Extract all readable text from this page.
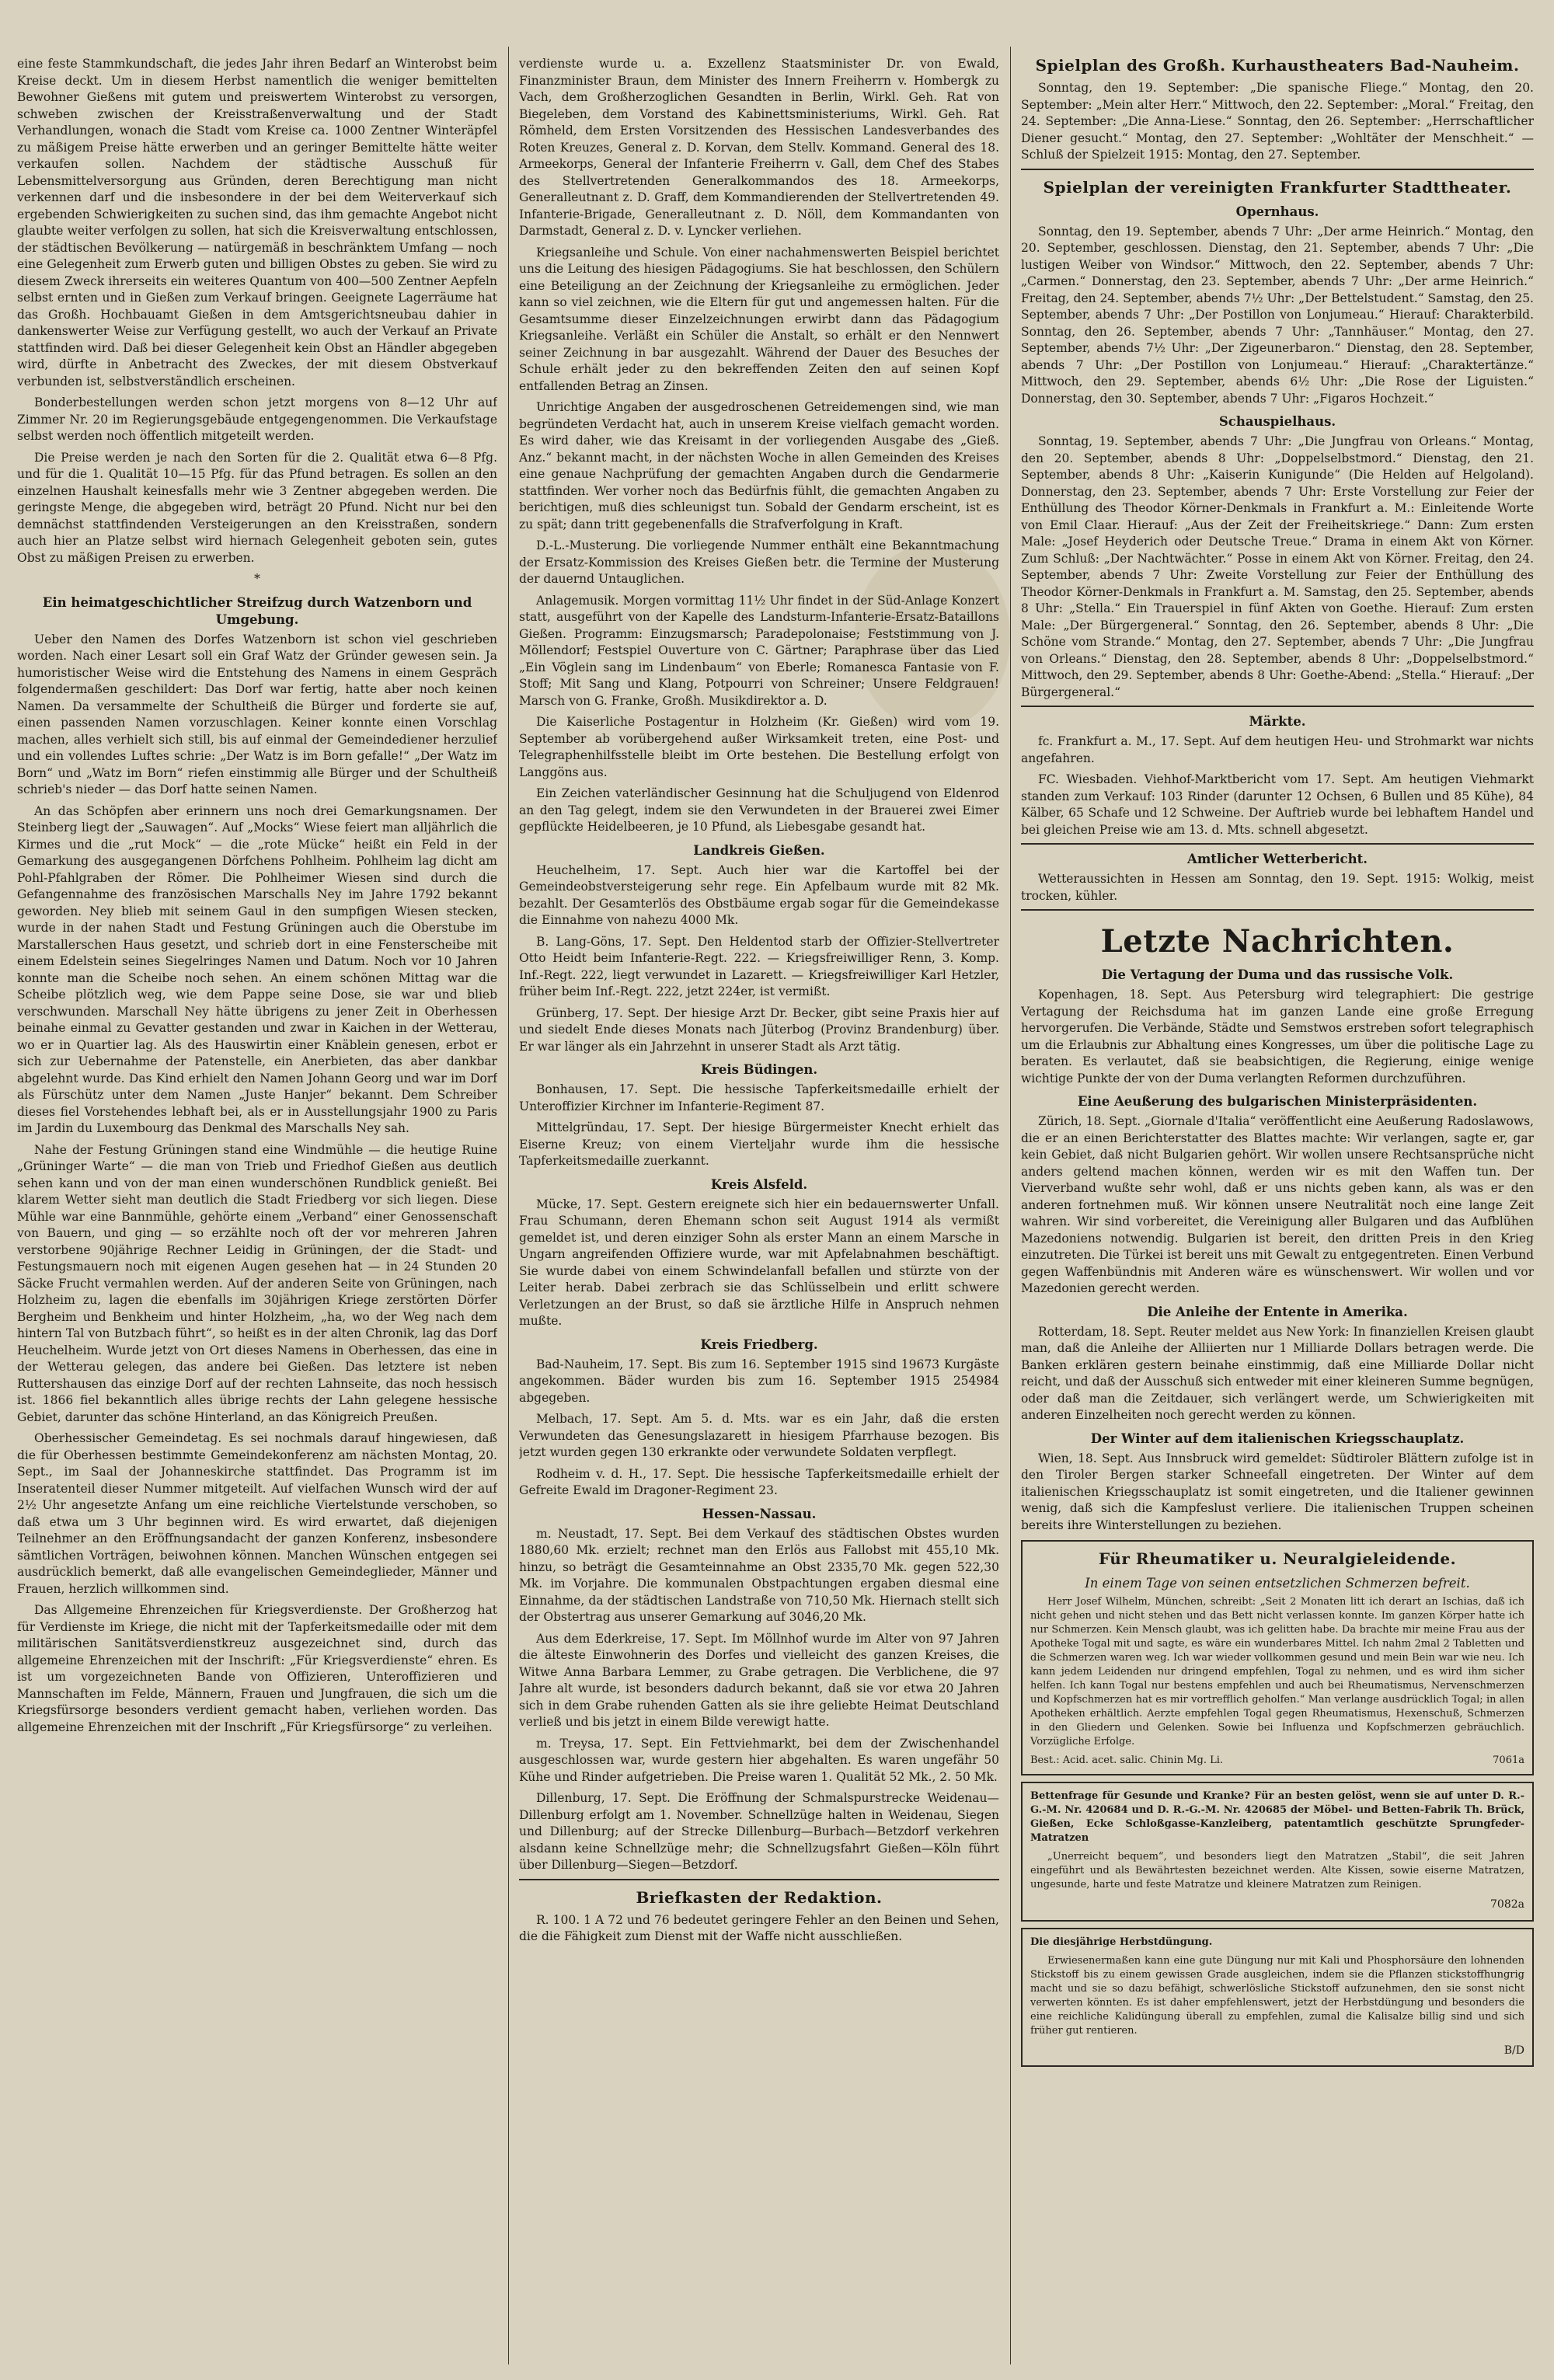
eine feste Stammkundschaft, die jedes Jahr ihren Bedarf an Winterobst beim Kreise deckt. Um in diesem Herbst namentlich die weniger bemittelten Bewohner Gießens mit gutem und preiswertem Winterobst zu versorgen, schweben zwischen der Kreisstraßenverwaltung und der Stadt Verhandlungen, wonach die Stadt vom Kreise ca. 1000 Zentner Winteräpfel zu mäßigem Preise hätte erwerben und an geringer Bemittelte hätte weiter verkaufen sollen. Nachdem der städtische Ausschuß für Lebensmittelversorgung aus Gründen, deren Berechtigung man nicht verkennen darf und die insbesondere in der bei dem Weiterverkauf sich ergebenden Schwierigkeiten zu suchen sind, das ihm gemachte Angebot nicht glaubte weiter verfolgen zu sollen, hat sich die Kreisverwaltung entschlossen, der städtischen Bevölkerung — natürgemäß in beschränktem Umfang — noch eine Gelegenheit zum Erwerb guten und billigen Obstes zu geben. Sie wird zu diesem Zweck ihrerseits ein weiteres Quantum von 400—500 Zentner Aepfeln selbst ernten und in Gießen zum Verkauf bringen. Geeignete Lagerräume hat das Großh. Hochbauamt Gießen in dem Amtsgerichtsneubau dahier in dankenswerter Weise zur Verfügung gestellt, wo auch der Verkauf an Private stattfinden wird. Daß bei dieser Gelegenheit kein Obst an Händler abgegeben wird, dürfte in Anbetracht des Zweckes, der mit diesem Obstverkauf verbunden ist, selbstverständlich erscheinen.

Bonderbestellungen werden schon jetzt morgens von 8—12 Uhr auf Zimmer Nr. 20 im Regierungsgebäude entgegengenommen. Die Verkaufstage selbst werden noch öffentlich mitgeteilt werden.

Die Preise werden je nach den Sorten für die 2. Qualität etwa 6—8 Pfg. und für die 1. Qualität 10—15 Pfg. für das Pfund betragen. Es sollen an den einzelnen Haushalt keinesfalls mehr wie 3 Zentner abgegeben werden. Die geringste Menge, die abgegeben wird, beträgt 20 Pfund. Nicht nur bei den demnächst stattfindenden Versteigerungen an den Kreisstraßen, sondern auch hier an Platze selbst wird hiernach Gelegenheit geboten sein, gutes Obst zu mäßigen Preisen zu erwerben.

*
Ein heimatgeschichtlicher Streifzug durch Watzenborn und Umgebung.

Ueber den Namen des Dorfes Watzenborn ist schon viel geschrieben worden. Nach einer Lesart soll ein Graf Watz der Gründer gewesen sein. Ja humoristischer Weise wird die Entstehung des Namens in einem Gespräch folgendermaßen geschildert: Das Dorf war fertig, hatte aber noch keinen Namen. Da versammelte der Schultheiß die Bürger und forderte sie auf, einen passenden Namen vorzuschlagen. Keiner konnte einen Vorschlag machen, alles verhielt sich still, bis auf einmal der Gemeindediener herzulief und ein vollendes Luftes schrie: „Der Watz is im Born gefalle!“ „Der Watz im Born“ und „Watz im Born“ riefen einstimmig alle Bürger und der Schultheiß schrieb's nieder — das Dorf hatte seinen Namen.

An das Schöpfen aber erinnern uns noch drei Gemarkungsnamen. Der Steinberg liegt der „Sauwagen“. Auf „Mocks“ Wiese feiert man alljährlich die Kirmes und die „rut Mock“ — die „rote Mücke“ heißt ein Feld in der Gemarkung des ausgegangenen Dörfchens Pohlheim. Pohlheim lag dicht am Pohl-Pfahlgraben der Römer. Die Pohlheimer Wiesen sind durch die Gefangennahme des französischen Marschalls Ney im Jahre 1792 bekannt geworden. Ney blieb mit seinem Gaul in den sumpfigen Wiesen stecken, wurde in der nahen Stadt und Festung Grüningen auch die Oberstube im Marstallerschen Haus gesetzt, und schrieb dort in eine Fensterscheibe mit einem Edelstein seines Siegelringes Namen und Datum. Noch vor 10 Jahren konnte man die Scheibe noch sehen. An einem schönen Mittag war die Scheibe plötzlich weg, wie dem Pappe seine Dose, sie war und blieb verschwunden. Marschall Ney hätte übrigens zu jener Zeit in Oberhessen beinahe einmal zu Gevatter gestanden und zwar in Kaichen in der Wetterau, wo er in Quartier lag. Als des Hauswirtin einer Knäblein genesen, erbot er sich zur Uebernahme der Patenstelle, ein Anerbieten, das aber dankbar abgelehnt wurde. Das Kind erhielt den Namen Johann Georg und war im Dorf als Fürschütz unter dem Namen „Juste Hanjer“ bekannt. Dem Schreiber dieses fiel Vorstehendes lebhaft bei, als er in Ausstellungsjahr 1900 zu Paris im Jardin du Luxembourg das Denkmal des Marschalls Ney sah.

Nahe der Festung Grüningen stand eine Windmühle — die heutige Ruine „Grüninger Warte“ — die man von Trieb und Friedhof Gießen aus deutlich sehen kann und von der man einen wunderschönen Rundblick genießt. Bei klarem Wetter sieht man deutlich die Stadt Friedberg vor sich liegen. Diese Mühle war eine Bannmühle, gehörte einem „Verband“ einer Genossenschaft von Bauern, und ging — so erzählte noch oft der vor mehreren Jahren verstorbene 90jährige Rechner Leidig in Grüningen, der die Stadt- und Festungsmauern noch mit eigenen Augen gesehen hat — in 24 Stunden 20 Säcke Frucht vermahlen werden. Auf der anderen Seite von Grüningen, nach Holzheim zu, lagen die ebenfalls im 30jährigen Kriege zerstörten Dörfer Bergheim und Benkheim und hinter Holzheim, „ha, wo der Weg nach dem hintern Tal von Butzbach führt“, so heißt es in der alten Chronik, lag das Dorf Heuchelheim. Wurde jetzt von Ort dieses Namens in Oberhessen, das eine in der Wetterau gelegen, das andere bei Gießen. Das letztere ist neben Ruttershausen das einzige Dorf auf der rechten Lahnseite, das noch hessisch ist. 1866 fiel bekanntlich alles übrige rechts der Lahn gelegene hessische Gebiet, darunter das schöne Hinterland, an das Königreich Preußen.

Oberhessischer Gemeindetag. Es sei nochmals darauf hingewiesen, daß die für Oberhessen bestimmte Gemeindekonferenz am nächsten Montag, 20. Sept., im Saal der Johanneskirche stattfindet. Das Programm ist im Inseratenteil dieser Nummer mitgeteilt. Auf vielfachen Wunsch wird der auf 2½ Uhr angesetzte Anfang um eine reichliche Viertelstunde verschoben, so daß etwa um 3 Uhr beginnen wird. Es wird erwartet, daß diejenigen Teilnehmer an den Eröffnungsandacht der ganzen Konferenz, insbesondere sämtlichen Vorträgen, beiwohnen können. Manchen Wünschen entgegen sei ausdrücklich bemerkt, daß alle evangelischen Gemeindeglieder, Männer und Frauen, herzlich willkommen sind.

Das Allgemeine Ehrenzeichen für Kriegsverdienste. Der Großherzog hat für Verdienste im Kriege, die nicht mit der Tapferkeitsmedaille oder mit dem militärischen Sanitätsverdienstkreuz ausgezeichnet sind, durch das allgemeine Ehrenzeichen mit der Inschrift: „Für Kriegsverdienste“ ehren. Es ist um vorgezeichneten Bande von Offizieren, Unteroffizieren und Mannschaften im Felde, Männern, Frauen und Jungfrauen, die sich um die Kriegsfürsorge besonders verdient gemacht haben, verliehen worden. Das allgemeine Ehrenzeichen mit der Inschrift „Für Kriegsfürsorge“ zu verleihen.

verdienste wurde u. a. Exzellenz Staatsminister Dr. von Ewald, Finanzminister Braun, dem Minister des Innern Freiherrn v. Hombergk zu Vach, dem Großherzoglichen Gesandten in Berlin, Wirkl. Geh. Rat von Biegeleben, dem Vorstand des Kabinettsministeriums, Wirkl. Geh. Rat Römheld, dem Ersten Vorsitzenden des Hessischen Landesverbandes des Roten Kreuzes, General z. D. Korvan, dem Stellv. Kommand. General des 18. Armeekorps, General der Infanterie Freiherrn v. Gall, dem Chef des Stabes des Stellvertretenden Generalkommandos des 18. Armeekorps, Generalleutnant z. D. Graff, dem Kommandierenden der Stellvertretenden 49. Infanterie-Brigade, Generalleutnant z. D. Nöll, dem Kommandanten von Darmstadt, General z. D. v. Lyncker verliehen.

Kriegsanleihe und Schule. Von einer nachahmenswerten Beispiel berichtet uns die Leitung des hiesigen Pädagogiums. Sie hat beschlossen, den Schülern eine Beteiligung an der Zeichnung der Kriegsanleihe zu ermöglichen. Jeder kann so viel zeichnen, wie die Eltern für gut und angemessen halten. Für die Gesamtsumme dieser Einzelzeichnungen erwirbt dann das Pädagogium Kriegsanleihe. Verläßt ein Schüler die Anstalt, so erhält er den Nennwert seiner Zeichnung in bar ausgezahlt. Während der Dauer des Besuches der Schule erhält jeder zu den bekreffenden Zeiten den auf seinen Kopf entfallenden Betrag an Zinsen.

Unrichtige Angaben der ausgedroschenen Getreidemengen sind, wie man begründeten Verdacht hat, auch in unserem Kreise vielfach gemacht worden. Es wird daher, wie das Kreisamt in der vorliegenden Ausgabe des „Gieß. Anz.“ bekannt macht, in der nächsten Woche in allen Gemeinden des Kreises eine genaue Nachprüfung der gemachten Angaben durch die Gendarmerie stattfinden. Wer vorher noch das Bedürfnis fühlt, die gemachten Angaben zu berichtigen, muß dies schleunigst tun. Sobald der Gendarm erscheint, ist es zu spät; dann tritt gegebenenfalls die Strafverfolgung in Kraft.

D.-L.-Musterung. Die vorliegende Nummer enthält eine Bekanntmachung der Ersatz-Kommission des Kreises Gießen betr. die Termine der Musterung der dauernd Untauglichen.

Anlagemusik. Morgen vormittag 11½ Uhr findet in der Süd-Anlage Konzert statt, ausgeführt von der Kapelle des Landsturm-Infanterie-Ersatz-Bataillons Gießen. Programm: Einzugsmarsch; Paradepolonaise; Feststimmung von J. Möllendorf; Festspiel Ouverture von C. Gärtner; Paraphrase über das Lied „Ein Vöglein sang im Lindenbaum“ von Eberle; Romanesca Fantasie von F. Stoff; Mit Sang und Klang, Potpourri von Schreiner; Unsere Feldgrauen! Marsch von G. Franke, Großh. Musikdirektor a. D.

Die Kaiserliche Postagentur in Holzheim (Kr. Gießen) wird vom 19. September ab vorübergehend außer Wirksamkeit treten, eine Post- und Telegraphenhilfsstelle bleibt im Orte bestehen. Die Bestellung erfolgt von Langgöns aus.

Ein Zeichen vaterländischer Gesinnung hat die Schuljugend von Eldenrod an den Tag gelegt, indem sie den Verwundeten in der Brauerei zwei Eimer gepflückte Heidelbeeren, je 10 Pfund, als Liebesgabe gesandt hat.

Landkreis Gießen.

Heuchelheim, 17. Sept. Auch hier war die Kartoffel bei der Gemeindeobstversteigerung sehr rege. Ein Apfelbaum wurde mit 82 Mk. bezahlt. Der Gesamterlös des Obstbäume ergab sogar für die Gemeindekasse die Einnahme von nahezu 4000 Mk.

B. Lang-Göns, 17. Sept. Den Heldentod starb der Offizier-Stellvertreter Otto Heidt beim Infanterie-Regt. 222. — Kriegsfreiwilliger Renn, 3. Komp. Inf.-Regt. 222, liegt verwundet in Lazarett. — Kriegsfreiwilliger Karl Hetzler, früher beim Inf.-Regt. 222, jetzt 224er, ist vermißt.

Grünberg, 17. Sept. Der hiesige Arzt Dr. Becker, gibt seine Praxis hier auf und siedelt Ende dieses Monats nach Jüterbog (Provinz Brandenburg) über. Er war länger als ein Jahrzehnt in unserer Stadt als Arzt tätig.

Kreis Büdingen.

Bonhausen, 17. Sept. Die hessische Tapferkeitsmedaille erhielt der Unteroffizier Kirchner im Infanterie-Regiment 87.

Mittelgründau, 17. Sept. Der hiesige Bürgermeister Knecht erhielt das Eiserne Kreuz; von einem Vierteljahr wurde ihm die hessische Tapferkeitsmedaille zuerkannt.

Kreis Alsfeld.

Mücke, 17. Sept. Gestern ereignete sich hier ein bedauernswerter Unfall. Frau Schumann, deren Ehemann schon seit August 1914 als vermißt gemeldet ist, und deren einziger Sohn als erster Mann an einem Marsche in Ungarn angreifenden Offiziere wurde, war mit Apfelabnahmen beschäftigt. Sie wurde dabei von einem Schwindelanfall befallen und stürzte von der Leiter herab. Dabei zerbrach sie das Schlüsselbein und erlitt schwere Verletzungen an der Brust, so daß sie ärztliche Hilfe in Anspruch nehmen mußte.

Kreis Friedberg.

Bad-Nauheim, 17. Sept. Bis zum 16. September 1915 sind 19673 Kurgäste angekommen. Bäder wurden bis zum 16. September 1915 254984 abgegeben.

Melbach, 17. Sept. Am 5. d. Mts. war es ein Jahr, daß die ersten Verwundeten das Genesungslazarett in hiesigem Pfarrhause bezogen. Bis jetzt wurden gegen 130 erkrankte oder verwundete Soldaten verpflegt.

Rodheim v. d. H., 17. Sept. Die hessische Tapferkeitsmedaille erhielt der Gefreite Ewald im Dragoner-Regiment 23.

Hessen-Nassau.

m. Neustadt, 17. Sept. Bei dem Verkauf des städtischen Obstes wurden 1880,60 Mk. erzielt; rechnet man den Erlös aus Fallobst mit 455,10 Mk. hinzu, so beträgt die Gesamteinnahme an Obst 2335,70 Mk. gegen 522,30 Mk. im Vorjahre. Die kommunalen Obstpachtungen ergaben diesmal eine Einnahme, da der städtischen Landstraße von 710,50 Mk. Hiernach stellt sich der Obstertrag aus unserer Gemarkung auf 3046,20 Mk.

Aus dem Ederkreise, 17. Sept. Im Möllnhof wurde im Alter von 97 Jahren die älteste Einwohnerin des Dorfes und vielleicht des ganzen Kreises, die Witwe Anna Barbara Lemmer, zu Grabe getragen. Die Verblichene, die 97 Jahre alt wurde, ist besonders dadurch bekannt, daß sie vor etwa 20 Jahren sich in dem Grabe ruhenden Gatten als sie ihre geliebte Heimat Deutschland verließ und bis jetzt in einem Bilde verewigt hatte.

m. Treysa, 17. Sept. Ein Fettviehmarkt, bei dem der Zwischenhandel ausgeschlossen war, wurde gestern hier abgehalten. Es waren ungefähr 50 Kühe und Rinder aufgetrieben. Die Preise waren 1. Qualität 52 Mk., 2. 50 Mk.

Dillenburg, 17. Sept. Die Eröffnung der Schmalspurstrecke Weidenau—Dillenburg erfolgt am 1. November. Schnellzüge halten in Weidenau, Siegen und Dillenburg; auf der Strecke Dillenburg—Burbach—Betzdorf verkehren alsdann keine Schnellzüge mehr; die Schnellzugsfahrt Gießen—Köln führt über Dillenburg—Siegen—Betzdorf.

Briefkasten der Redaktion.

R. 100. 1 A 72 und 76 bedeutet geringere Fehler an den Beinen und Sehen, die die Fähigkeit zum Dienst mit der Waffe nicht ausschließen.

Spielplan des Großh. Kurhaustheaters Bad-Nauheim.

Sonntag, den 19. September: „Die spanische Fliege.“ Montag, den 20. September: „Mein alter Herr.“ Mittwoch, den 22. September: „Moral.“ Freitag, den 24. September: „Die Anna-Liese.“ Sonntag, den 26. September: „Herrschaftlicher Diener gesucht.“ Montag, den 27. September: „Wohltäter der Menschheit.“ — Schluß der Spielzeit 1915: Montag, den 27. September.

Spielplan der vereinigten Frankfurter Stadttheater.
Opernhaus.

Sonntag, den 19. September, abends 7 Uhr: „Der arme Heinrich.“ Montag, den 20. September, geschlossen. Dienstag, den 21. September, abends 7 Uhr: „Die lustigen Weiber von Windsor.“ Mittwoch, den 22. September, abends 7 Uhr: „Carmen.“ Donnerstag, den 23. September, abends 7 Uhr: „Der arme Heinrich.“ Freitag, den 24. September, abends 7½ Uhr: „Der Bettelstudent.“ Samstag, den 25. September, abends 7 Uhr: „Der Postillon von Lonjumeau.“ Hierauf: Charakterbild. Sonntag, den 26. September, abends 7 Uhr: „Tannhäuser.“ Montag, den 27. September, abends 7½ Uhr: „Der Zigeunerbaron.“ Dienstag, den 28. September, abends 7 Uhr: „Der Postillon von Lonjumeau.“ Hierauf: „Charaktertänze.“ Mittwoch, den 29. September, abends 6½ Uhr: „Die Rose der Liguisten.“ Donnerstag, den 30. September, abends 7 Uhr: „Figaros Hochzeit.“

Schauspielhaus.

Sonntag, 19. September, abends 7 Uhr: „Die Jungfrau von Orleans.“ Montag, den 20. September, abends 8 Uhr: „Doppelselbstmord.“ Dienstag, den 21. September, abends 8 Uhr: „Kaiserin Kunigunde“ (Die Helden auf Helgoland). Donnerstag, den 23. September, abends 7 Uhr: Erste Vorstellung zur Feier der Enthüllung des Theodor Körner-Denkmals in Frankfurt a. M.: Einleitende Worte von Emil Claar. Hierauf: „Aus der Zeit der Freiheitskriege.“ Dann: Zum ersten Male: „Josef Heyderich oder Deutsche Treue.“ Drama in einem Akt von Körner. Zum Schluß: „Der Nachtwächter.“ Posse in einem Akt von Körner. Freitag, den 24. September, abends 7 Uhr: Zweite Vorstellung zur Feier der Enthüllung des Theodor Körner-Denkmals in Frankfurt a. M. Samstag, den 25. September, abends 8 Uhr: „Stella.“ Ein Trauerspiel in fünf Akten von Goethe. Hierauf: Zum ersten Male: „Der Bürgergeneral.“ Sonntag, den 26. September, abends 8 Uhr: „Die Schöne vom Strande.“ Montag, den 27. September, abends 7 Uhr: „Die Jungfrau von Orleans.“ Dienstag, den 28. September, abends 8 Uhr: „Doppelselbstmord.“ Mittwoch, den 29. September, abends 8 Uhr: Goethe-Abend: „Stella.“ Hierauf: „Der Bürgergeneral.“

Märkte.

fc. Frankfurt a. M., 17. Sept. Auf dem heutigen Heu- und Strohmarkt war nichts angefahren.

FC. Wiesbaden. Viehhof-Marktbericht vom 17. Sept. Am heutigen Viehmarkt standen zum Verkauf: 103 Rinder (darunter 12 Ochsen, 6 Bullen und 85 Kühe), 84 Kälber, 65 Schafe und 12 Schweine. Der Auftrieb wurde bei lebhaftem Handel und bei gleichen Preise wie am 13. d. Mts. schnell abgesetzt.

Amtlicher Wetterbericht.

Wetteraussichten in Hessen am Sonntag, den 19. Sept. 1915: Wolkig, meist trocken, kühler.

Letzte Nachrichten.
Die Vertagung der Duma und das russische Volk.

Kopenhagen, 18. Sept. Aus Petersburg wird telegraphiert: Die gestrige Vertagung der Reichsduma hat im ganzen Lande eine große Erregung hervorgerufen. Die Verbände, Städte und Semstwos erstreben sofort telegraphisch um die Erlaubnis zur Abhaltung eines Kongresses, um über die politische Lage zu beraten. Es verlautet, daß sie beabsichtigen, die Regierung, einige wenige wichtige Punkte der von der Duma verlangten Reformen durchzuführen.

Eine Aeußerung des bulgarischen Ministerpräsidenten.

Zürich, 18. Sept. „Giornale d'Italia“ veröffentlicht eine Aeußerung Radoslawows, die er an einen Berichterstatter des Blattes machte: Wir verlangen, sagte er, gar kein Gebiet, daß nicht Bulgarien gehört. Wir wollen unsere Rechtsansprüche nicht anders geltend machen können, werden wir es mit den Waffen tun. Der Vierverband wußte sehr wohl, daß er uns nichts geben kann, als was er den anderen fortnehmen muß. Wir können unsere Neutralität noch eine lange Zeit wahren. Wir sind vorbereitet, die Vereinigung aller Bulgaren und das Aufblühen Mazedoniens notwendig. Bulgarien ist bereit, den dritten Preis in den Krieg einzutreten. Die Türkei ist bereit uns mit Gewalt zu entgegentreten. Einen Verbund gegen Waffenbündnis mit Anderen wäre es wünschenswert. Wir wollen und vor Mazedonien gerecht werden.

Die Anleihe der Entente in Amerika.

Rotterdam, 18. Sept. Reuter meldet aus New York: In finanziellen Kreisen glaubt man, daß die Anleihe der Alliierten nur 1 Milliarde Dollars betragen werde. Die Banken erklären gestern beinahe einstimmig, daß eine Milliarde Dollar nicht reicht, und daß der Ausschuß sich entweder mit einer kleineren Summe begnügen, oder daß man die Zeitdauer, sich verlängert werde, um Schwierigkeiten mit anderen Einzelheiten noch gerecht werden zu können.

Der Winter auf dem italienischen Kriegsschauplatz.

Wien, 18. Sept. Aus Innsbruck wird gemeldet: Südtiroler Blättern zufolge ist in den Tiroler Bergen starker Schneefall eingetreten. Der Winter auf dem italienischen Kriegsschauplatz ist somit eingetreten, und die Italiener gewinnen wenig, daß sich die Kampfeslust verliere. Die italienischen Truppen scheinen bereits ihre Winterstellungen zu beziehen.

Für Rheumatiker u. Neuralgieleidende.
In einem Tage von seinen entsetzlichen Schmerzen befreit.

Herr Josef Wilhelm, München, schreibt: „Seit 2 Monaten litt ich derart an Ischias, daß ich nicht gehen und nicht stehen und das Bett nicht verlassen konnte. Im ganzen Körper hatte ich nur Schmerzen. Kein Mensch glaubt, was ich gelitten habe. Da brachte mir meine Frau aus der Apotheke Togal mit und sagte, es wäre ein wunderbares Mittel. Ich nahm 2mal 2 Tabletten und die Schmerzen waren weg. Ich war wieder vollkommen gesund und mein Bein war wie neu. Ich kann jedem Leidenden nur dringend empfehlen, Togal zu nehmen, und es wird ihm sicher helfen. Ich kann Togal nur bestens empfehlen und auch bei Rheumatismus, Nervenschmerzen und Kopfschmerzen hat es mir vortrefflich geholfen.“ Man verlange ausdrücklich Togal; in allen Apotheken erhältlich. Aerzte empfehlen Togal gegen Rheumatismus, Hexenschuß, Schmerzen in den Gliedern und Gelenken. Sowie bei Influenza und Kopfschmerzen gebräuchlich. Vorzügliche Erfolge.

Best.: Acid. acet. salic. Chinin Mg. Li.	7061a

Bettenfrage für Gesunde und Kranke? Für an besten gelöst, wenn sie auf unter D. R.-G.-M. Nr. 420684 und D. R.-G.-M. Nr. 420685 der Möbel- und Betten-Fabrik Th. Brück, Gießen, Ecke Schloßgasse-Kanzleiberg, patentamtlich geschützte Sprungfeder-Matratzen

„Unerreicht bequem“, und besonders liegt den Matratzen „Stabil“, die seit Jahren eingeführt und als Bewährtesten bezeichnet werden. Alte Kissen, sowie eiserne Matratzen, ungesunde, harte und feste Matratze und kleinere Matratzen zum Reinigen.

7082a

Die diesjährige Herbstdüngung.

Erwiesenermaßen kann eine gute Düngung nur mit Kali und Phosphorsäure den lohnenden Stickstoff bis zu einem gewissen Grade ausgleichen, indem sie die Pflanzen stickstoffhungrig macht und sie so dazu befähigt, schwerlösliche Stickstoff aufzunehmen, den sie sonst nicht verwerten könnten. Es ist daher empfehlenswert, jetzt der Herbstdüngung und besonders die eine reichliche Kalidüngung überall zu empfehlen, zumal die Kalisalze billig sind und sich früher gut rentieren.

B/D
